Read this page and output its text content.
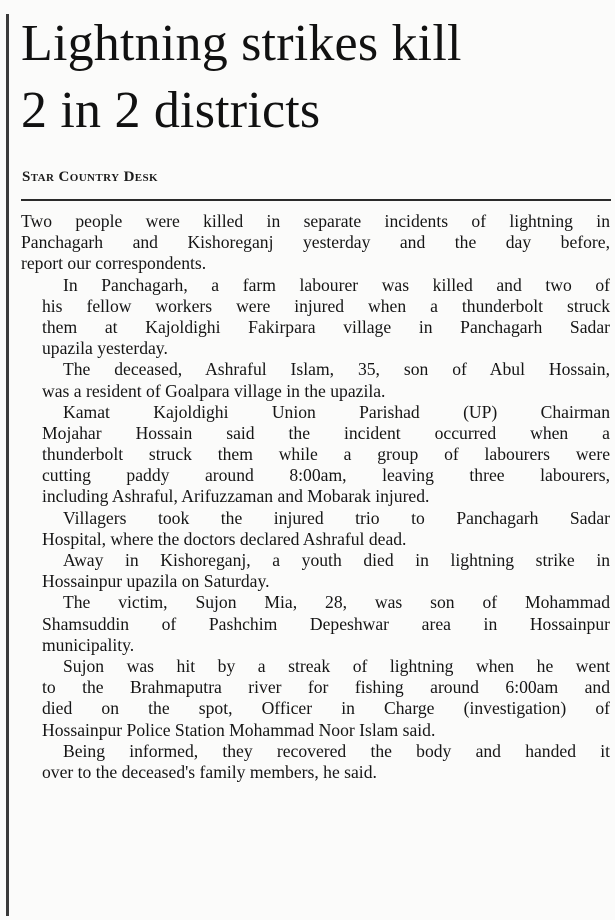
Lightning strikes kill
2 in 2 districts

Star Country Desk

Two people were killed in separate incidents of lightning in
Panchagarh and Kishoreganj yesterday and the day before,
report our correspondents.
In Panchagarh, a farm labourer was killed and two of
his fellow workers were injured when a thunderbolt struck
them at Kajoldighi Fakirpara village in Panchagarh Sadar
upazila yesterday.
The deceased, Ashraful Islam, 35, son of Abul Hossain,
was a resident of Goalpara village in the upazila.
Kamat Kajoldighi Union Parishad (UP) Chairman
Mojahar Hossain said the incident occurred when a
thunderbolt struck them while a group of labourers were
cutting paddy around 8:00am, leaving three labourers,
including Ashraful, Arifuzzaman and Mobarak injured.
Villagers took the injured trio to Panchagarh Sadar
Hospital, where the doctors declared Ashraful dead.
Away in Kishoreganj, a youth died in lightning strike in
Hossainpur upazila on Saturday.
The victim, Sujon Mia, 28, was son of Mohammad
Shamsuddin of Pashchim Depeshwar area in Hossainpur
municipality.
Sujon was hit by a streak of lightning when he went
to the Brahmaputra river for fishing around 6:00am and
died on the spot, Officer in Charge (investigation) of
Hossainpur Police Station Mohammad Noor Islam said.
Being informed, they recovered the body and handed it
over to the deceased's family members, he said.
